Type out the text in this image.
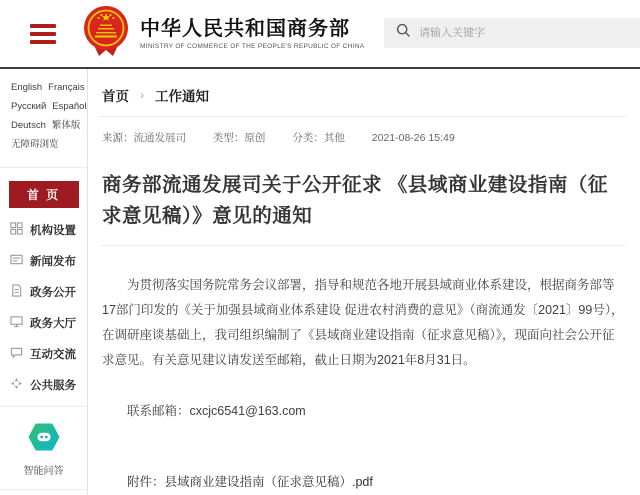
中华人民共和国商务部
MINISTRY OF COMMERCE OF THE PEOPLE'S REPUBLIC OF CHINA
请输入关键字
English Français
Русский Español
Deutsch 繁体版
无障碍浏览
首 页
机构设置
新闻发布
政务公开
政务大厅
互动交流
公共服务
智能问答
首页 › 工作通知
来源：流通发展司	类型：原创	分类：其他	2021-08-26 15:49
商务部流通发展司关于公开征求 《县域商业建设指南（征求意见稿）》意见的通知

为贯彻落实国务院常务会议部署，指导和规范各地开展县域商业体系建设，根据商务部等17部门印发的《关于加强县域商业体系建设 促进农村消费的意见》（商流通发〔2021〕99号），在调研座谈基础上，我司组织编制了《县域商业建设指南（征求意见稿）》，现面向社会公开征求意见。有关意见建议请发送至邮箱，截止日期为2021年8月31日。

联系邮箱：cxcjc6541@163.com

附件：县域商业建设指南（征求意见稿）.pdf
